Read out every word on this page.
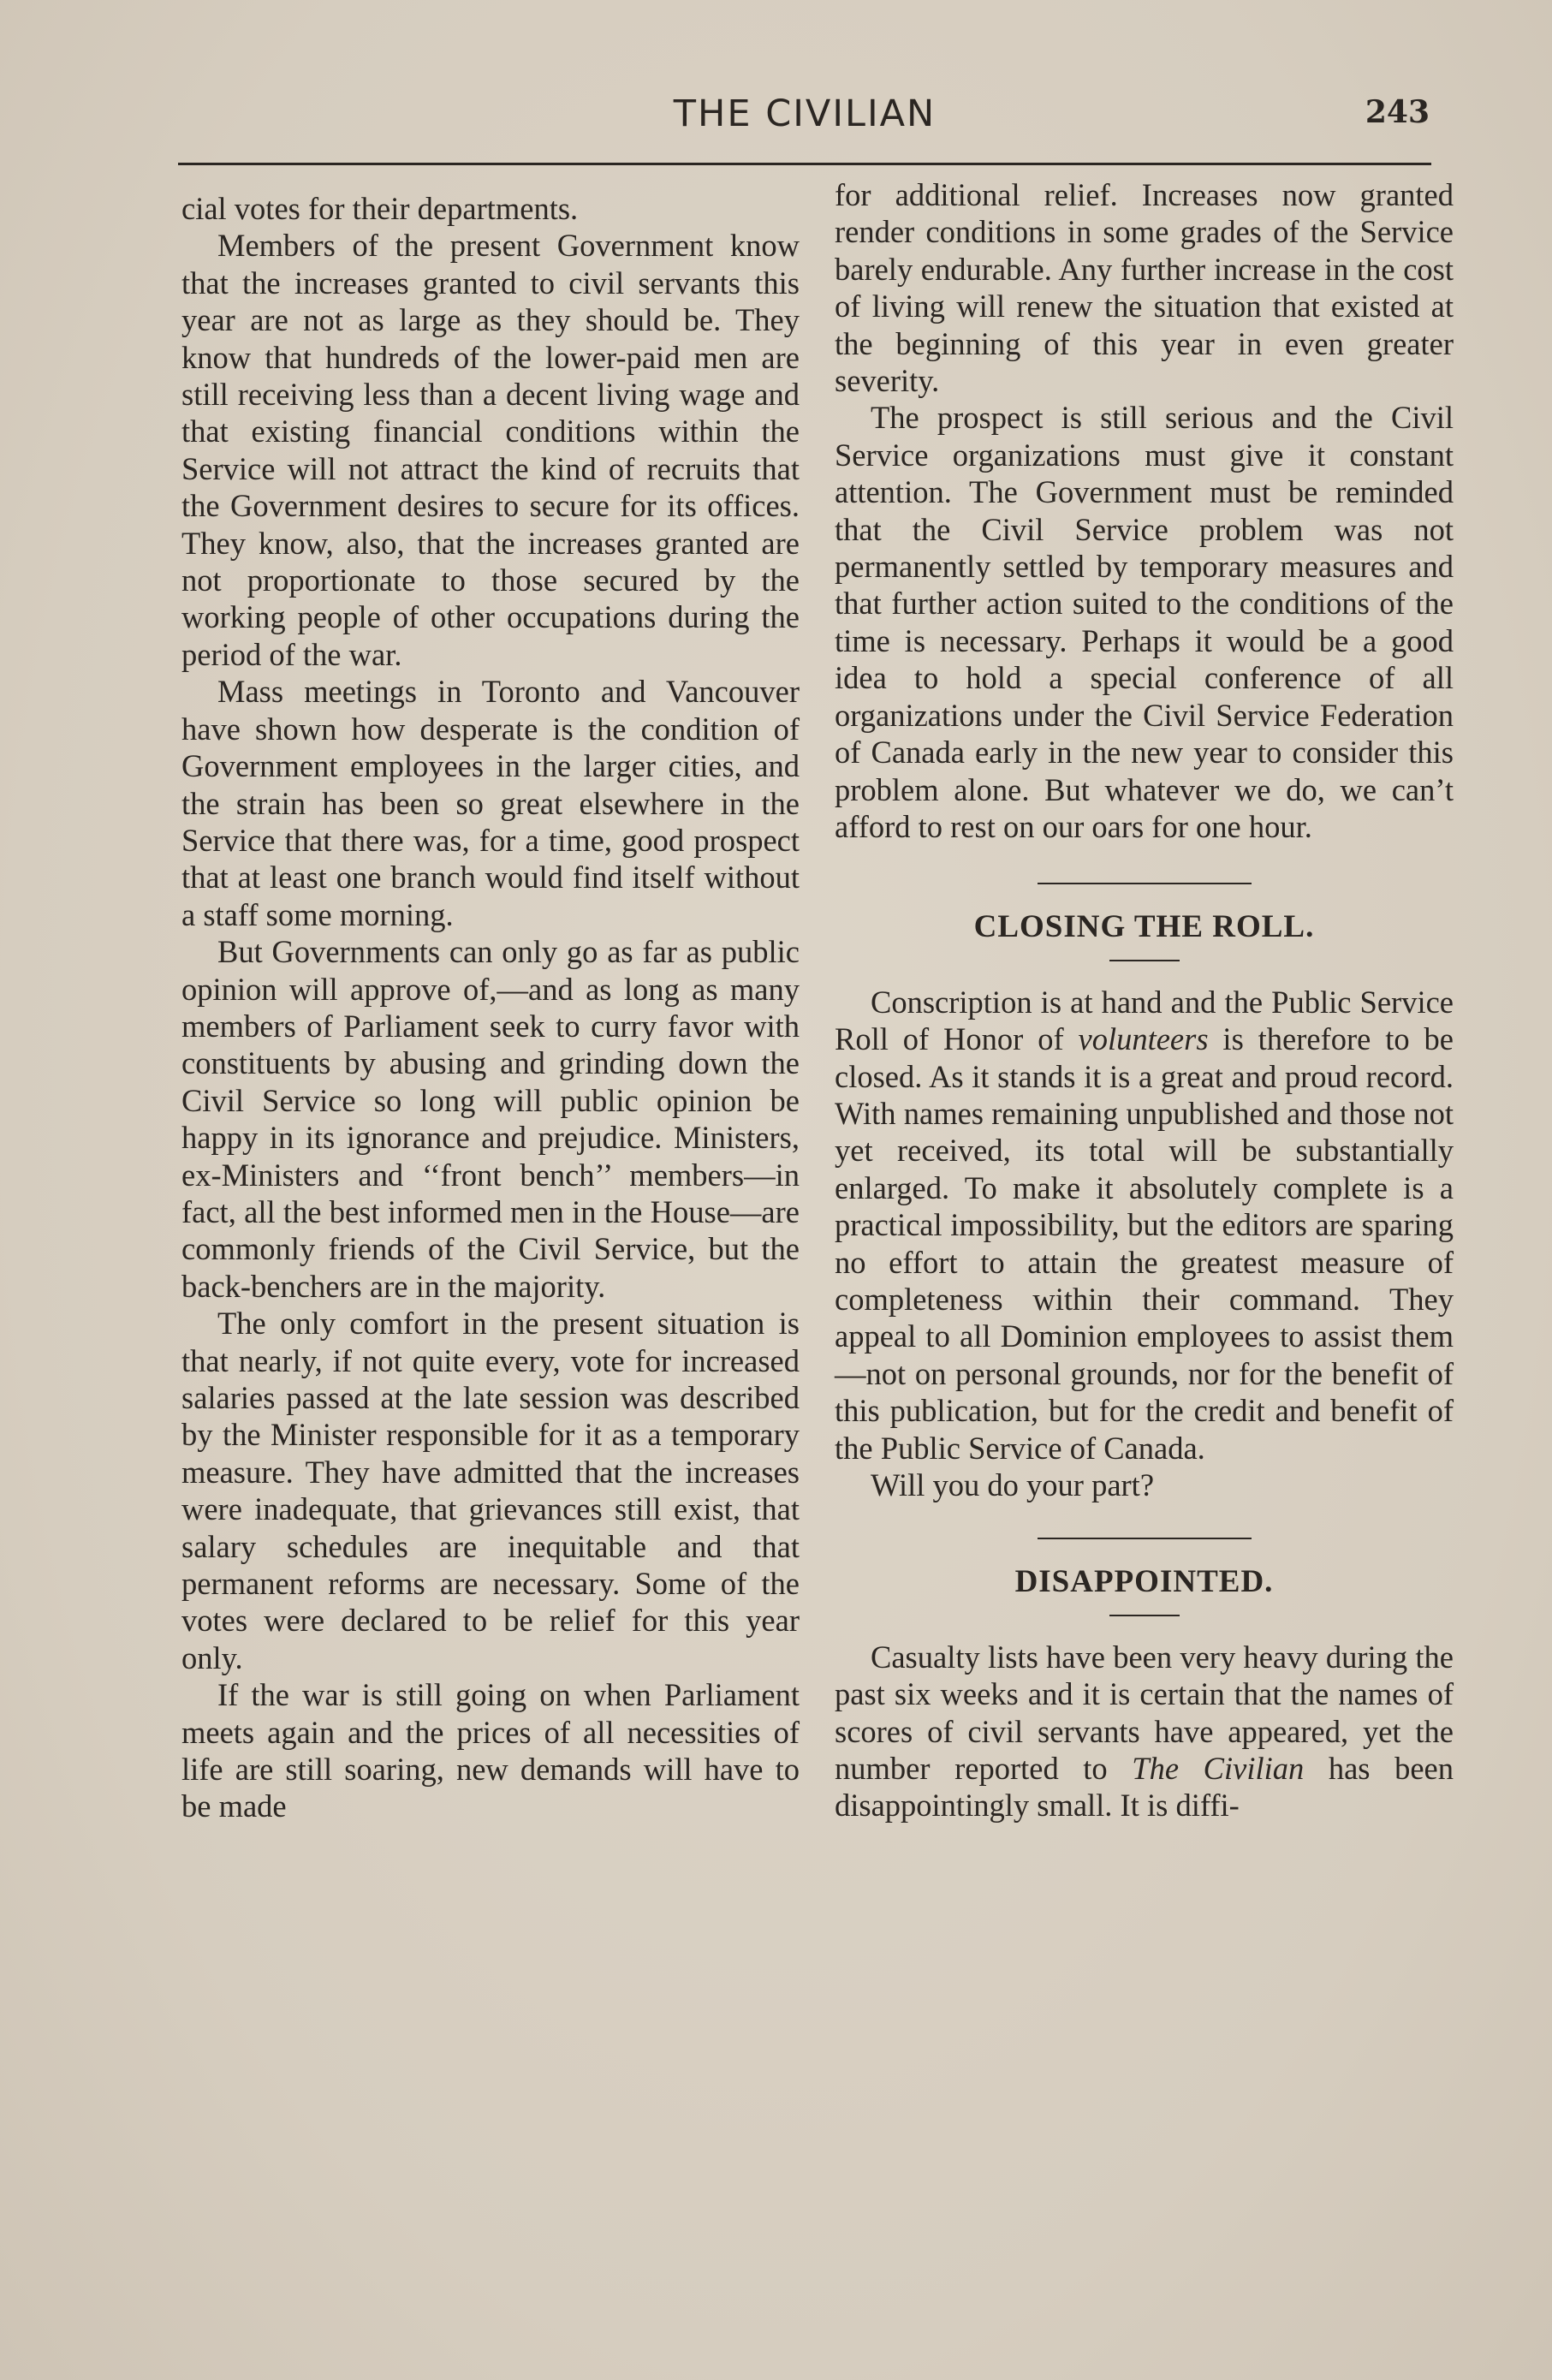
THE CIVILIAN	243

cial votes for their departments.

Members of the present Government know that the increases granted to civil servants this year are not as large as they should be. They know that hundreds of the lower-paid men are still receiving less than a decent living wage and that existing financial conditions within the Service will not attract the kind of recruits that the Government desires to secure for its offices. They know, also, that the increases granted are not proportionate to those secured by the working people of other occupations during the period of the war.

Mass meetings in Toronto and Vancouver have shown how desperate is the condition of Government employees in the larger cities, and the strain has been so great elsewhere in the Service that there was, for a time, good prospect that at least one branch would find itself without a staff some morning.

But Governments can only go as far as public opinion will approve of,—and as long as many members of Parliament seek to curry favor with constituents by abusing and grinding down the Civil Service so long will public opinion be happy in its ignorance and prejudice. Ministers, ex-Ministers and ‘‘front bench’’ members—in fact, all the best informed men in the House—are commonly friends of the Civil Service, but the back-benchers are in the majority.

The only comfort in the present situation is that nearly, if not quite every, vote for increased salaries passed at the late session was described by the Minister responsible for it as a temporary measure. They have admitted that the increases were inadequate, that grievances still exist, that salary schedules are inequitable and that permanent reforms are necessary. Some of the votes were declared to be relief for this year only.

If the war is still going on when Parliament meets again and the prices of all necessities of life are still soaring, new demands will have to be made

for additional relief. Increases now granted render conditions in some grades of the Service barely endurable. Any further increase in the cost of living will renew the situation that existed at the beginning of this year in even greater severity.

The prospect is still serious and the Civil Service organizations must give it constant attention. The Government must be reminded that the Civil Service problem was not permanently settled by temporary measures and that further action suited to the conditions of the time is necessary. Perhaps it would be a good idea to hold a special conference of all organizations under the Civil Service Federation of Canada early in the new year to consider this problem alone. But whatever we do, we can’t afford to rest on our oars for one hour.

CLOSING THE ROLL.

Conscription is at hand and the Public Service Roll of Honor of volunteers is therefore to be closed. As it stands it is a great and proud record. With names remaining unpublished and those not yet received, its total will be substantially enlarged. To make it absolutely complete is a practical impossibility, but the editors are sparing no effort to attain the greatest measure of completeness within their command. They appeal to all Dominion employees to assist them —not on personal grounds, nor for the benefit of this publication, but for the credit and benefit of the Public Service of Canada.

Will you do your part?

DISAPPOINTED.

Casualty lists have been very heavy during the past six weeks and it is certain that the names of scores of civil servants have appeared, yet the number reported to The Civilian has been disappointingly small. It is diffi-
